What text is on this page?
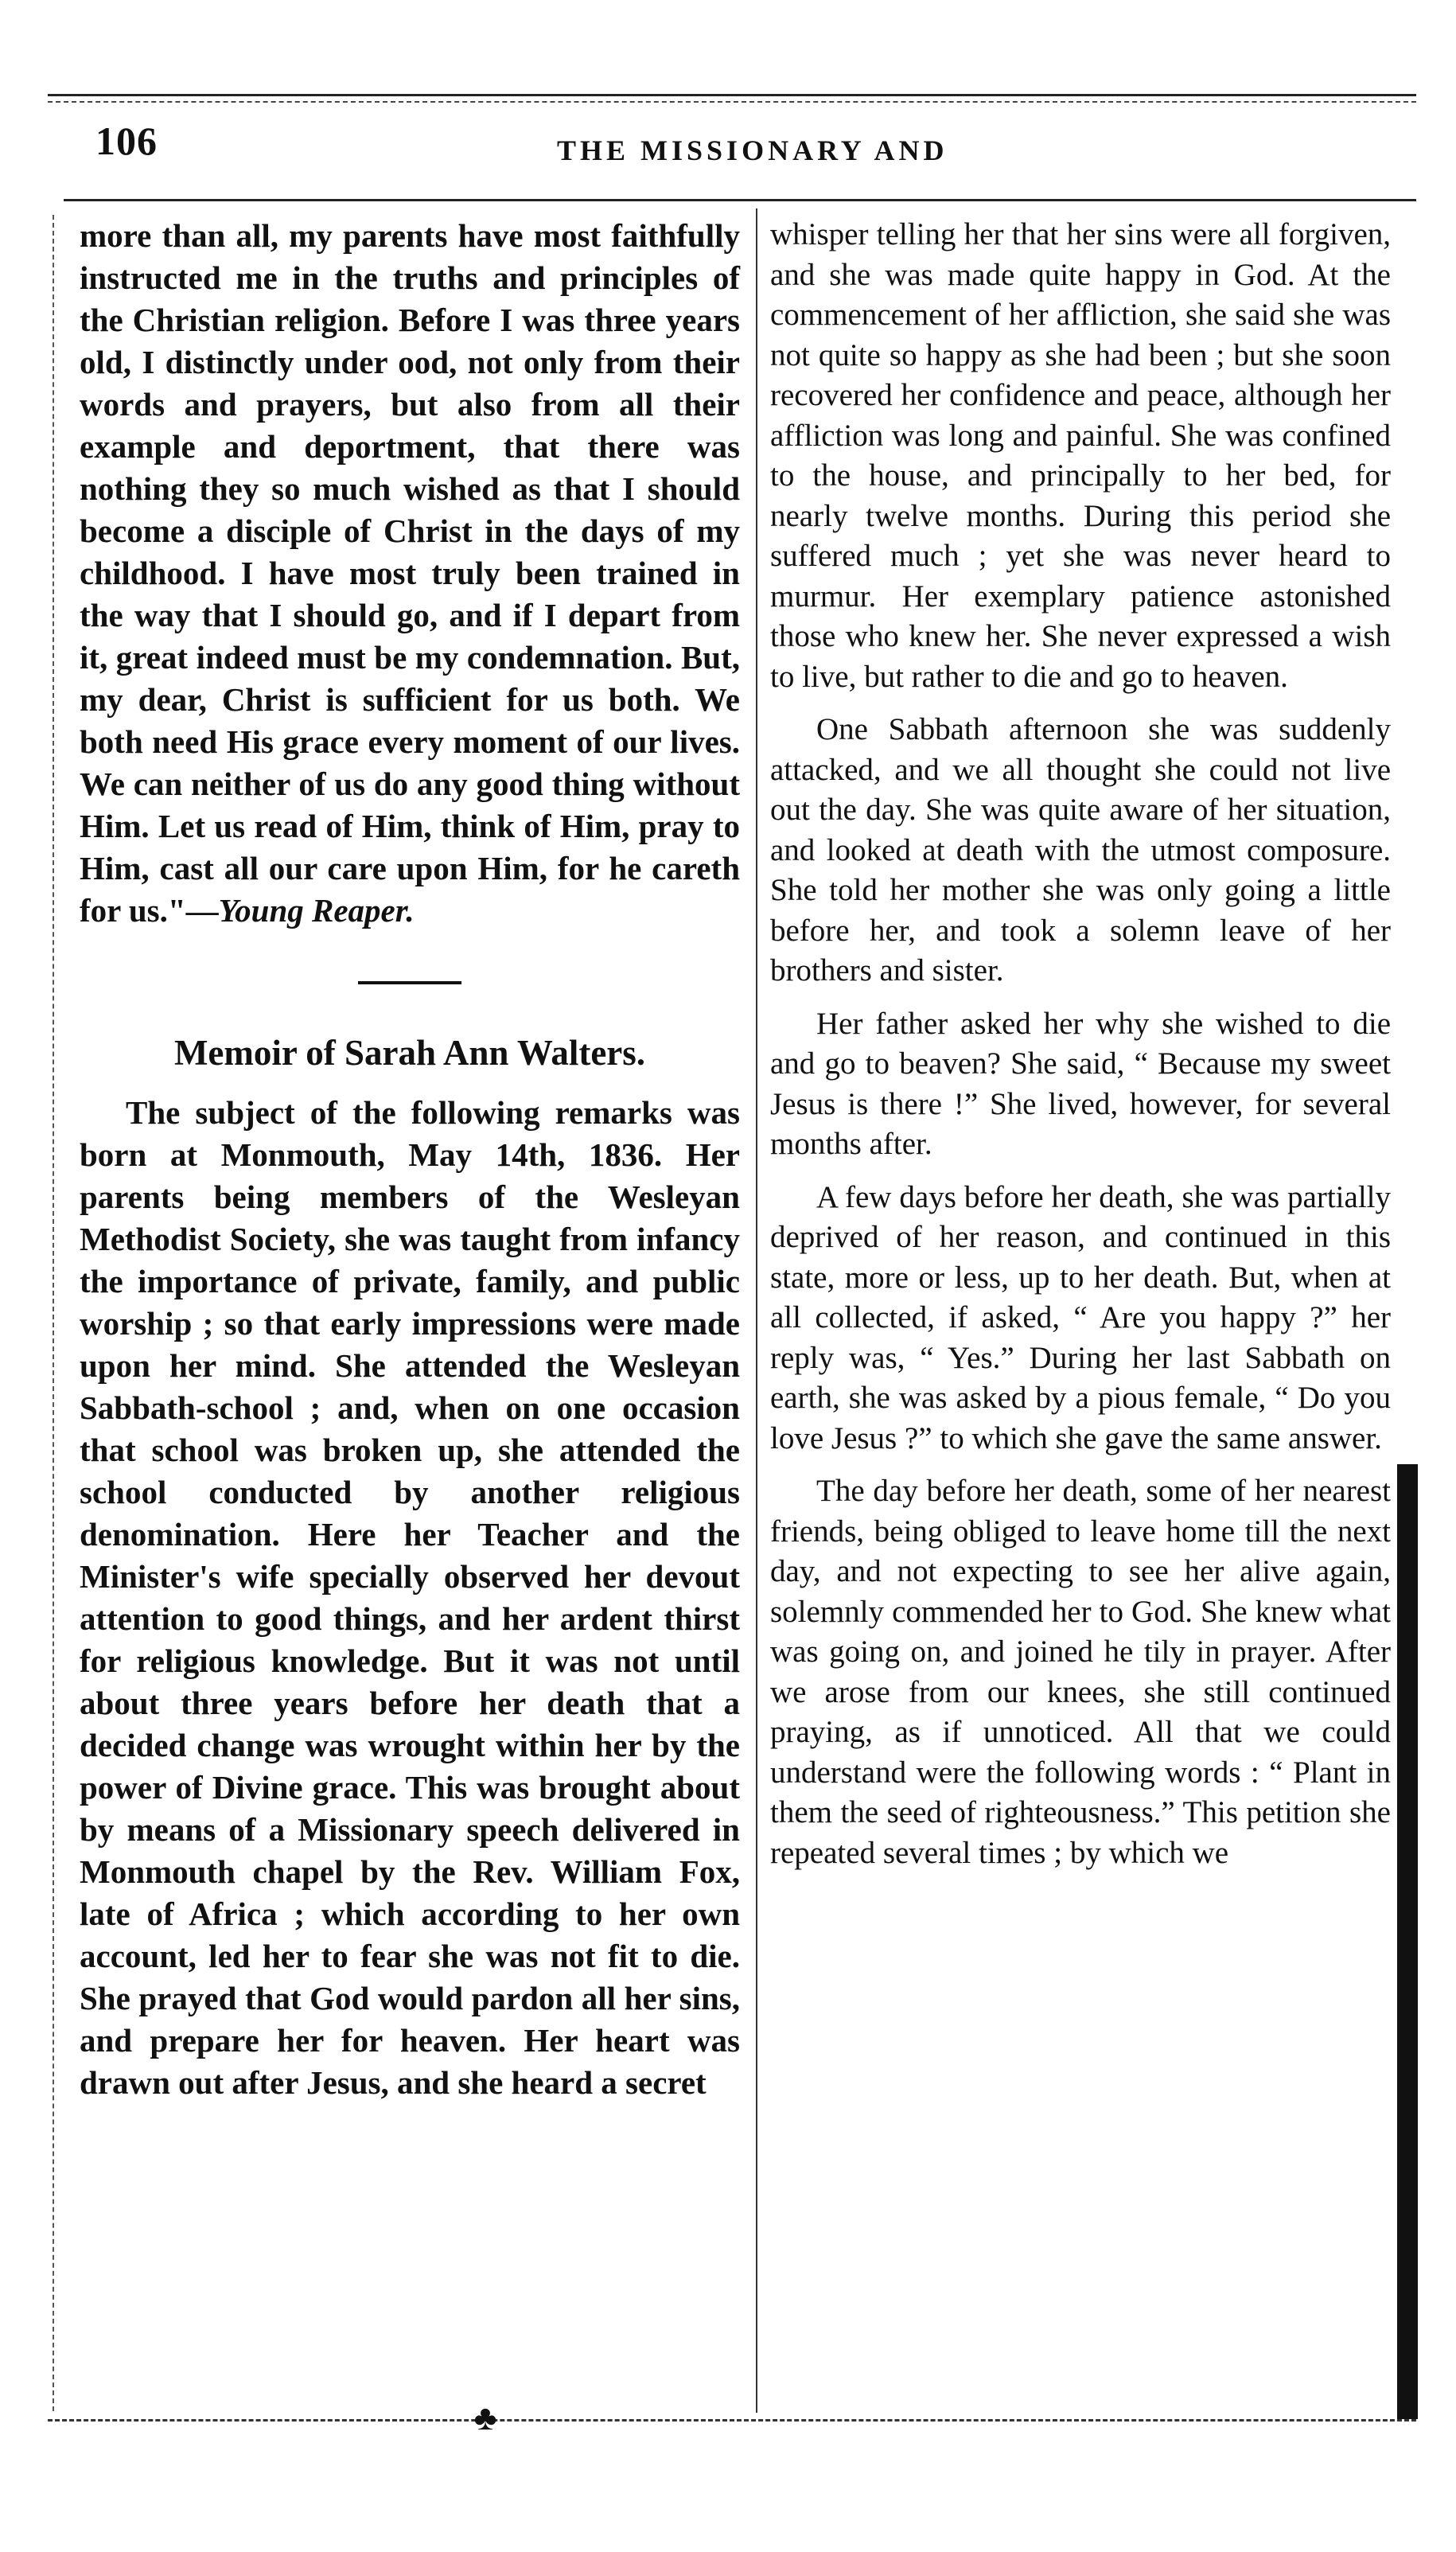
106	THE MISSIONARY AND

more than all, my parents have most faithfully instructed me in the truths and principles of the Christian religion. Before I was three years old, I distinctly under ood, not only from their words and prayers, but also from all their example and deportment, that there was nothing they so much wished as that I should become a disciple of Christ in the days of my childhood. I have most truly been trained in the way that I should go, and if I depart from it, great indeed must be my condemnation. But, my dear, Christ is sufficient for us both. We both need His grace every moment of our lives. We can neither of us do any good thing without Him. Let us read of Him, think of Him, pray to Him, cast all our care upon Him, for he careth for us."—Young Reaper.

Memoir of Sarah Ann Walters.

The subject of the following remarks was born at Monmouth, May 14th, 1836. Her parents being members of the Wesleyan Methodist Society, she was taught from infancy the importance of private, family, and public worship ; so that early impressions were made upon her mind. She attended the Wesleyan Sabbath-school ; and, when on one occasion that school was broken up, she attended the school conducted by another religious denomination. Here her Teacher and the Minister's wife specially observed her devout attention to good things, and her ardent thirst for religious knowledge. But it was not until about three years before her death that a decided change was wrought within her by the power of Divine grace. This was brought about by means of a Missionary speech delivered in Monmouth chapel by the Rev. William Fox, late of Africa ; which according to her own account, led her to fear she was not fit to die. She prayed that God would pardon all her sins, and prepare her for heaven. Her heart was drawn out after Jesus, and she heard a secret

whisper telling her that her sins were all forgiven, and she was made quite happy in God. At the commencement of her affliction, she said she was not quite so happy as she had been ; but she soon recovered her confidence and peace, although her affliction was long and painful. She was confined to the house, and principally to her bed, for nearly twelve months. During this period she suffered much ; yet she was never heard to murmur. Her exemplary patience astonished those who knew her. She never expressed a wish to live, but rather to die and go to heaven.

One Sabbath afternoon she was suddenly attacked, and we all thought she could not live out the day. She was quite aware of her situation, and looked at death with the utmost composure. She told her mother she was only going a little before her, and took a solemn leave of her brothers and sister.

Her father asked her why she wished to die and go to beaven? She said, “ Because my sweet Jesus is there !” She lived, however, for several months after.

A few days before her death, she was partially deprived of her reason, and continued in this state, more or less, up to her death. But, when at all collected, if asked, “ Are you happy ?” her reply was, “ Yes.” During her last Sabbath on earth, she was asked by a pious female, “ Do you love Jesus ?” to which she gave the same answer.

The day before her death, some of her nearest friends, being obliged to leave home till the next day, and not expecting to see her alive again, solemnly commended her to God. She knew what was going on, and joined he tily in prayer. After we arose from our knees, she still continued praying, as if unnoticed. All that we could understand were the following words : “ Plant in them the seed of righteousness.” This petition she repeated several times ; by which we

♣
